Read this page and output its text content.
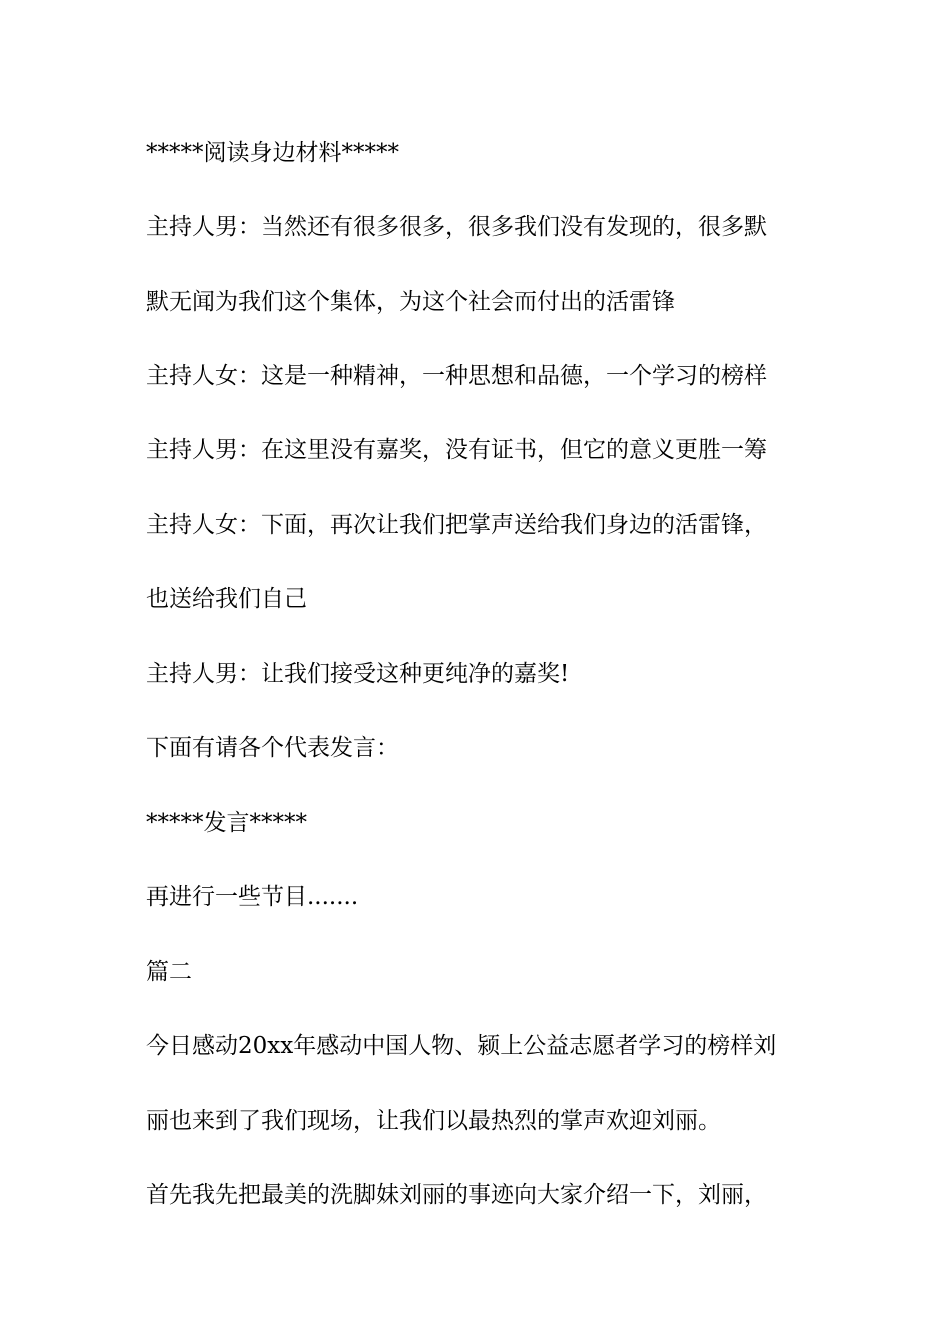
*****阅读身边材料*****
主持人男：当然还有很多很多，很多我们没有发现的，很多默
默无闻为我们这个集体，为这个社会而付出的活雷锋
主持人女：这是一种精神，一种思想和品德，一个学习的榜样
主持人男：在这里没有嘉奖，没有证书，但它的意义更胜一筹
主持人女：下面，再次让我们把掌声送给我们身边的活雷锋，
也送给我们自己
主持人男：让我们接受这种更纯净的嘉奖!
下面有请各个代表发言：
*****发言*****
再进行一些节目.......
篇二
今日感动20xx年感动中国人物、颍上公益志愿者学习的榜样刘
丽也来到了我们现场，让我们以最热烈的掌声欢迎刘丽。
首先我先把最美的洗脚妹刘丽的事迹向大家介绍一下，刘丽，
